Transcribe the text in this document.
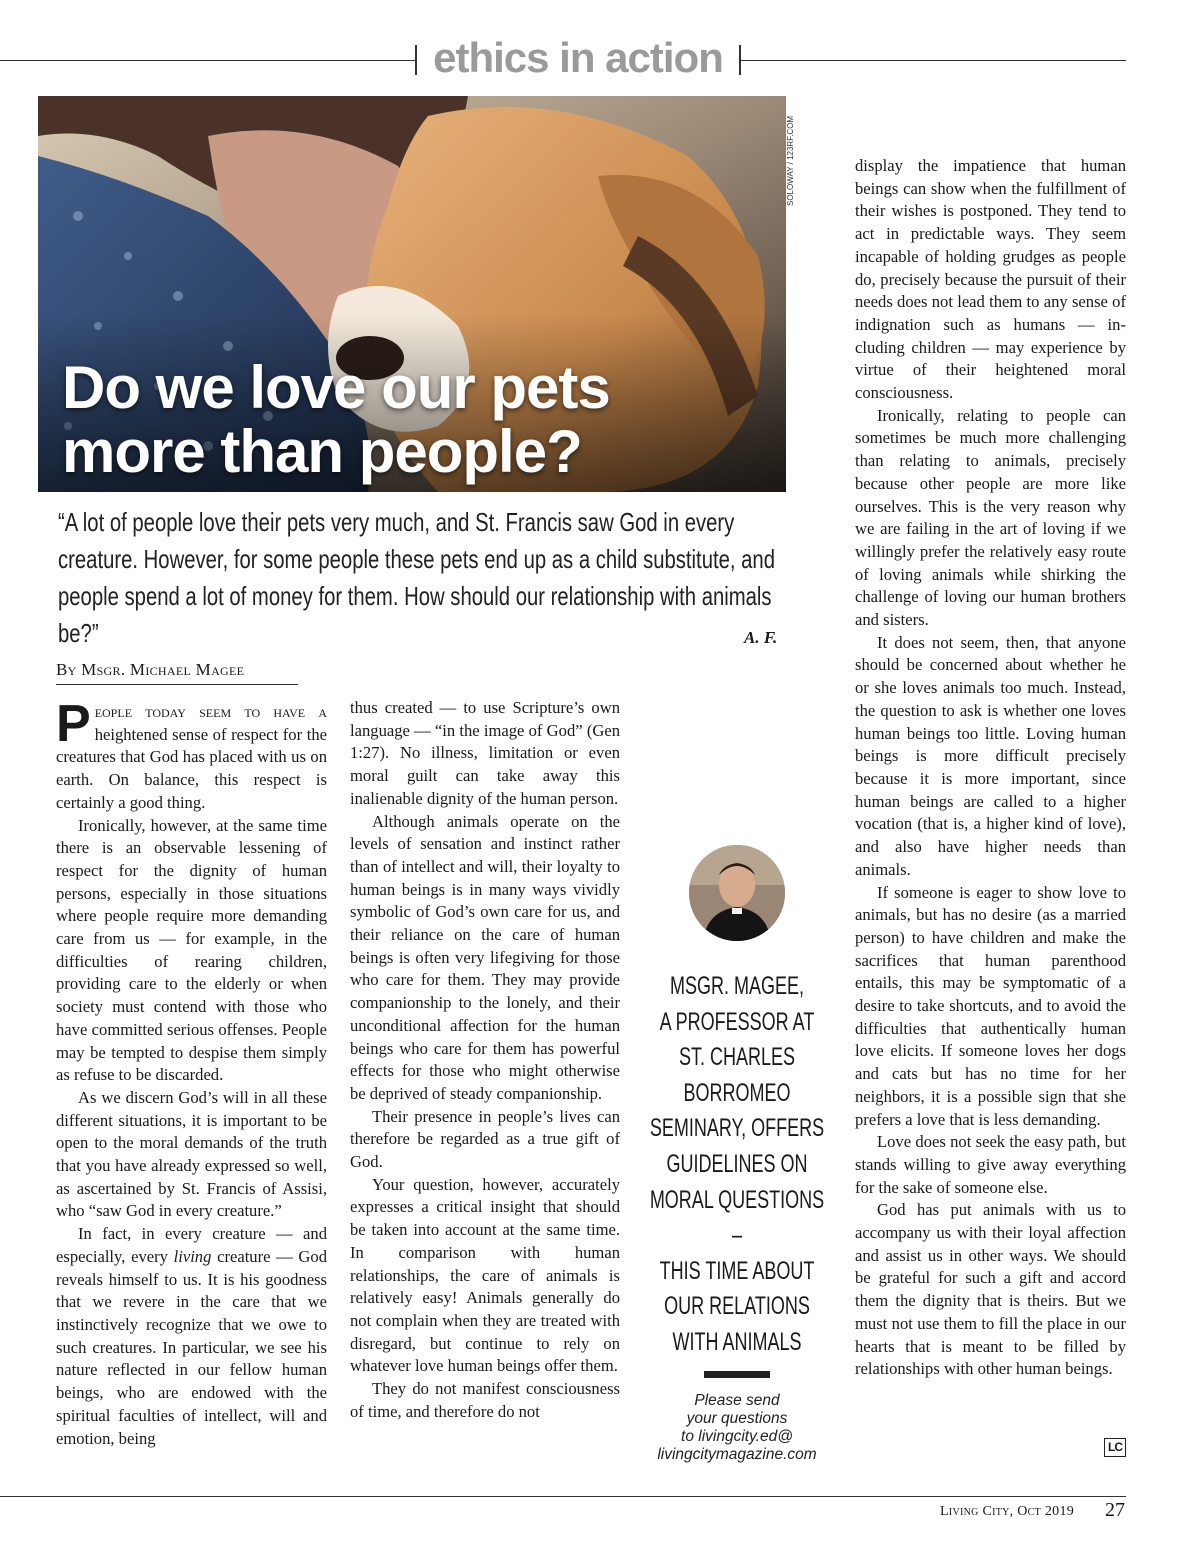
ethics in action
Do we love our pets
more than people?
SOLOWAY / 123RF.COM
“A lot of people love their pets very much, and St. Francis saw God in every creature. However, for some people these pets end up as a child substitute, and people spend a lot of money for them. How should our relationship with animals be?”	A. F.
By Msgr. Michael Magee

People today seem to have a heightened sense of respect for the creatures that God has placed with us on earth. On balance, this respect is certainly a good thing.

Ironically, however, at the same time there is an observable lessening of respect for the dignity of human persons, especially in those situations where people require more demanding care from us — for example, in the difficulties of rearing children, providing care to the elderly or when society must contend with those who have committed serious offenses. People may be tempted to despise them simply as refuse to be discarded.

As we discern God’s will in all these different situations, it is important to be open to the moral demands of the truth that you have already expressed so well, as ascertained by St. Francis of Assisi, who “saw God in every creature.”

In fact, in every creature — and especially, every living creature — God reveals himself to us. It is his goodness that we revere in the care that we instinctively recognize that we owe to such creatures. In particular, we see his nature reflected in our fellow human beings, who are endowed with the spiritual faculties of intellect, will and emotion, being

thus created — to use Scripture’s own language — “in the image of God” (Gen 1:27). No illness, limitation or even moral guilt can take away this inalienable dignity of the human person.

Although animals operate on the levels of sensation and instinct rather than of intellect and will, their loyalty to human beings is in many ways vividly symbolic of God’s own care for us, and their reliance on the care of human beings is often very lifegiving for those who care for them. They may provide companionship to the lonely, and their unconditional affection for the human beings who care for them has powerful effects for those who might otherwise be deprived of steady companionship.

Their presence in people’s lives can therefore be regarded as a true gift of God.

Your question, however, accurately expresses a critical insight that should be taken into account at the same time. In comparison with human relationships, the care of animals is relatively easy! Animals generally do not complain when they are treated with disregard, but continue to rely on whatever love human beings offer them.

They do not manifest consciousness of time, and therefore do not

MSGR. MAGEE,
A PROFESSOR AT
ST. CHARLES BORROMEO
SEMINARY, OFFERS
GUIDELINES ON
MORAL QUESTIONS –
THIS TIME ABOUT
OUR RELATIONS
WITH ANIMALS
Please send
your questions
to livingcity.ed@
livingcitymagazine.com

display the impatience that human beings can show when the fulfillment of their wishes is postponed. They tend to act in predictable ways. They seem incapable of holding grudges as people do, precisely because the pursuit of their needs does not lead them to any sense of indignation such as humans — including children — may experience by virtue of their heightened moral consciousness.

Ironically, relating to people can sometimes be much more challenging than relating to animals, precisely because other people are more like ourselves. This is the very reason why we are failing in the art of loving if we willingly prefer the relatively easy route of loving animals while shirking the challenge of loving our human brothers and sisters.

It does not seem, then, that anyone should be concerned about whether he or she loves animals too much. Instead, the question to ask is whether one loves human beings too little. Loving human beings is more difficult precisely because it is more important, since human beings are called to a higher vocation (that is, a higher kind of love), and also have higher needs than animals.

If someone is eager to show love to animals, but has no desire (as a married person) to have children and make the sacrifices that human parenthood entails, this may be symptomatic of a desire to take shortcuts, and to avoid the difficulties that authentically human love elicits. If someone loves her dogs and cats but has no time for her neighbors, it is a possible sign that she prefers a love that is less demanding.

Love does not seek the easy path, but stands willing to give away everything for the sake of someone else.

God has put animals with us to accompany us with their loyal affection and assist us in other ways. We should be grateful for such a gift and accord them the dignity that is theirs. But we must not use them to fill the place in our hearts that is meant to be filled by relationships with other human beings.

LC
Living City, Oct 2019 27
